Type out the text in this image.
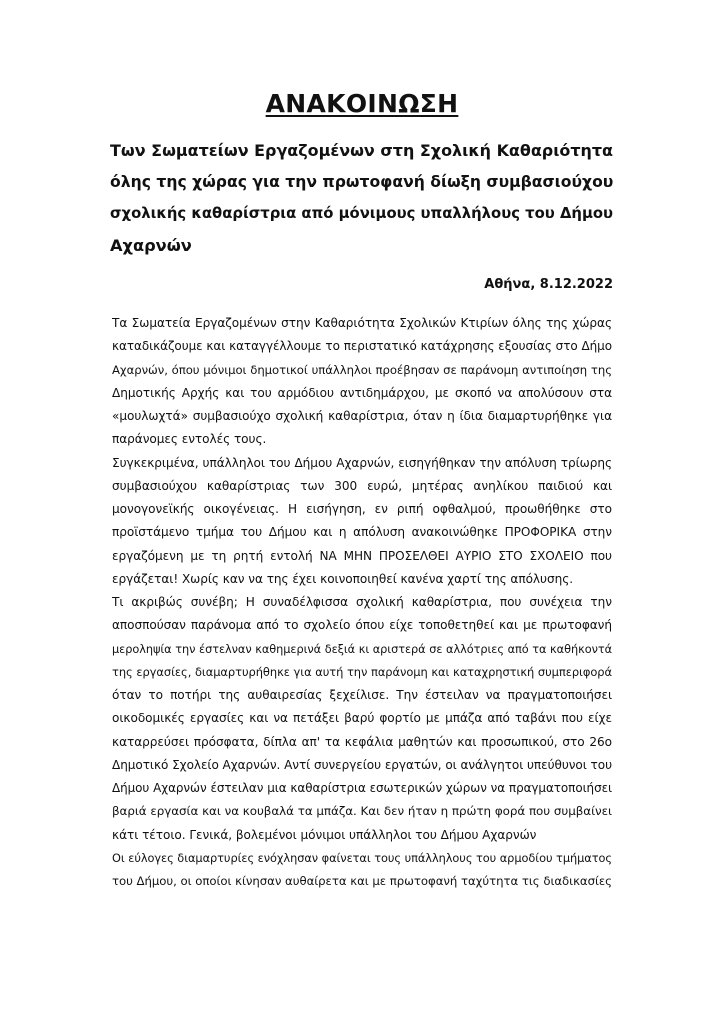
ΑΝΑΚΟΙΝΩΣΗ
Των Σωματείων Εργαζομένων στη Σχολική Καθαριότητα
όλης της χώρας για την πρωτοφανή δίωξη συμβασιούχου
σχολικής καθαρίστρια από μόνιμους υπαλλήλους του Δήμου
Αχαρνών
Αθήνα, 8.12.2022
Τα Σωματεία Εργαζομένων στην Καθαριότητα Σχολικών Κτιρίων όλης της χώρας
καταδικάζουμε και καταγγέλλουμε το περιστατικό κατάχρησης εξουσίας στο Δήμο
Αχαρνών, όπου μόνιμοι δημοτικοί υπάλληλοι προέβησαν σε παράνομη αντιποίηση της
Δημοτικής Αρχής και του αρμόδιου αντιδημάρχου, με σκοπό να απολύσουν στα
«μουλωχτά» συμβασιούχο σχολική καθαρίστρια, όταν η ίδια διαμαρτυρήθηκε για
παράνομες εντολές τους.
Συγκεκριμένα, υπάλληλοι του Δήμου Αχαρνών, εισηγήθηκαν την απόλυση τρίωρης
συμβασιούχου καθαρίστριας των 300 ευρώ, μητέρας ανηλίκου παιδιού και
μονογονεϊκής οικογένειας. Η εισήγηση, εν ριπή οφθαλμού, προωθήθηκε στο
προϊστάμενο τμήμα του Δήμου και η απόλυση ανακοινώθηκε ΠΡΟΦΟΡΙΚΑ στην
εργαζόμενη με τη ρητή εντολή ΝΑ ΜΗΝ ΠΡΟΣΕΛΘΕΙ ΑΥΡΙΟ ΣΤΟ ΣΧΟΛΕΙΟ που
εργάζεται! Χωρίς καν να της έχει κοινοποιηθεί κανένα χαρτί της απόλυσης.
Τι ακριβώς συνέβη; Η συναδέλφισσα σχολική καθαρίστρια, που συνέχεια την
αποσπούσαν παράνομα από το σχολείο όπου είχε τοποθετηθεί και με πρωτοφανή
μεροληψία την έστελναν καθημερινά δεξιά κι αριστερά σε αλλότριες από τα καθήκοντά
της εργασίες, διαμαρτυρήθηκε για αυτή την παράνομη και καταχρηστική συμπεριφορά
όταν το ποτήρι της αυθαιρεσίας ξεχείλισε. Την έστειλαν να πραγματοποιήσει
οικοδομικές εργασίες και να πετάξει βαρύ φορτίο με μπάζα από ταβάνι που είχε
καταρρεύσει πρόσφατα, δίπλα απ' τα κεφάλια μαθητών και προσωπικού, στο 26ο
Δημοτικό Σχολείο Αχαρνών. Αντί συνεργείου εργατών, οι ανάλγητοι υπεύθυνοι του
Δήμου Αχαρνών έστειλαν μια καθαρίστρια εσωτερικών χώρων να πραγματοποιήσει
βαριά εργασία και να κουβαλά τα μπάζα. Και δεν ήταν η πρώτη φορά που συμβαίνει
κάτι τέτοιο. Γενικά, βολεμένοι μόνιμοι υπάλληλοι του Δήμου Αχαρνών
Οι εύλογες διαμαρτυρίες ενόχλησαν φαίνεται τους υπάλληλους του αρμοδίου τμήματος
του Δήμου, οι οποίοι κίνησαν αυθαίρετα και με πρωτοφανή ταχύτητα τις διαδικασίες
